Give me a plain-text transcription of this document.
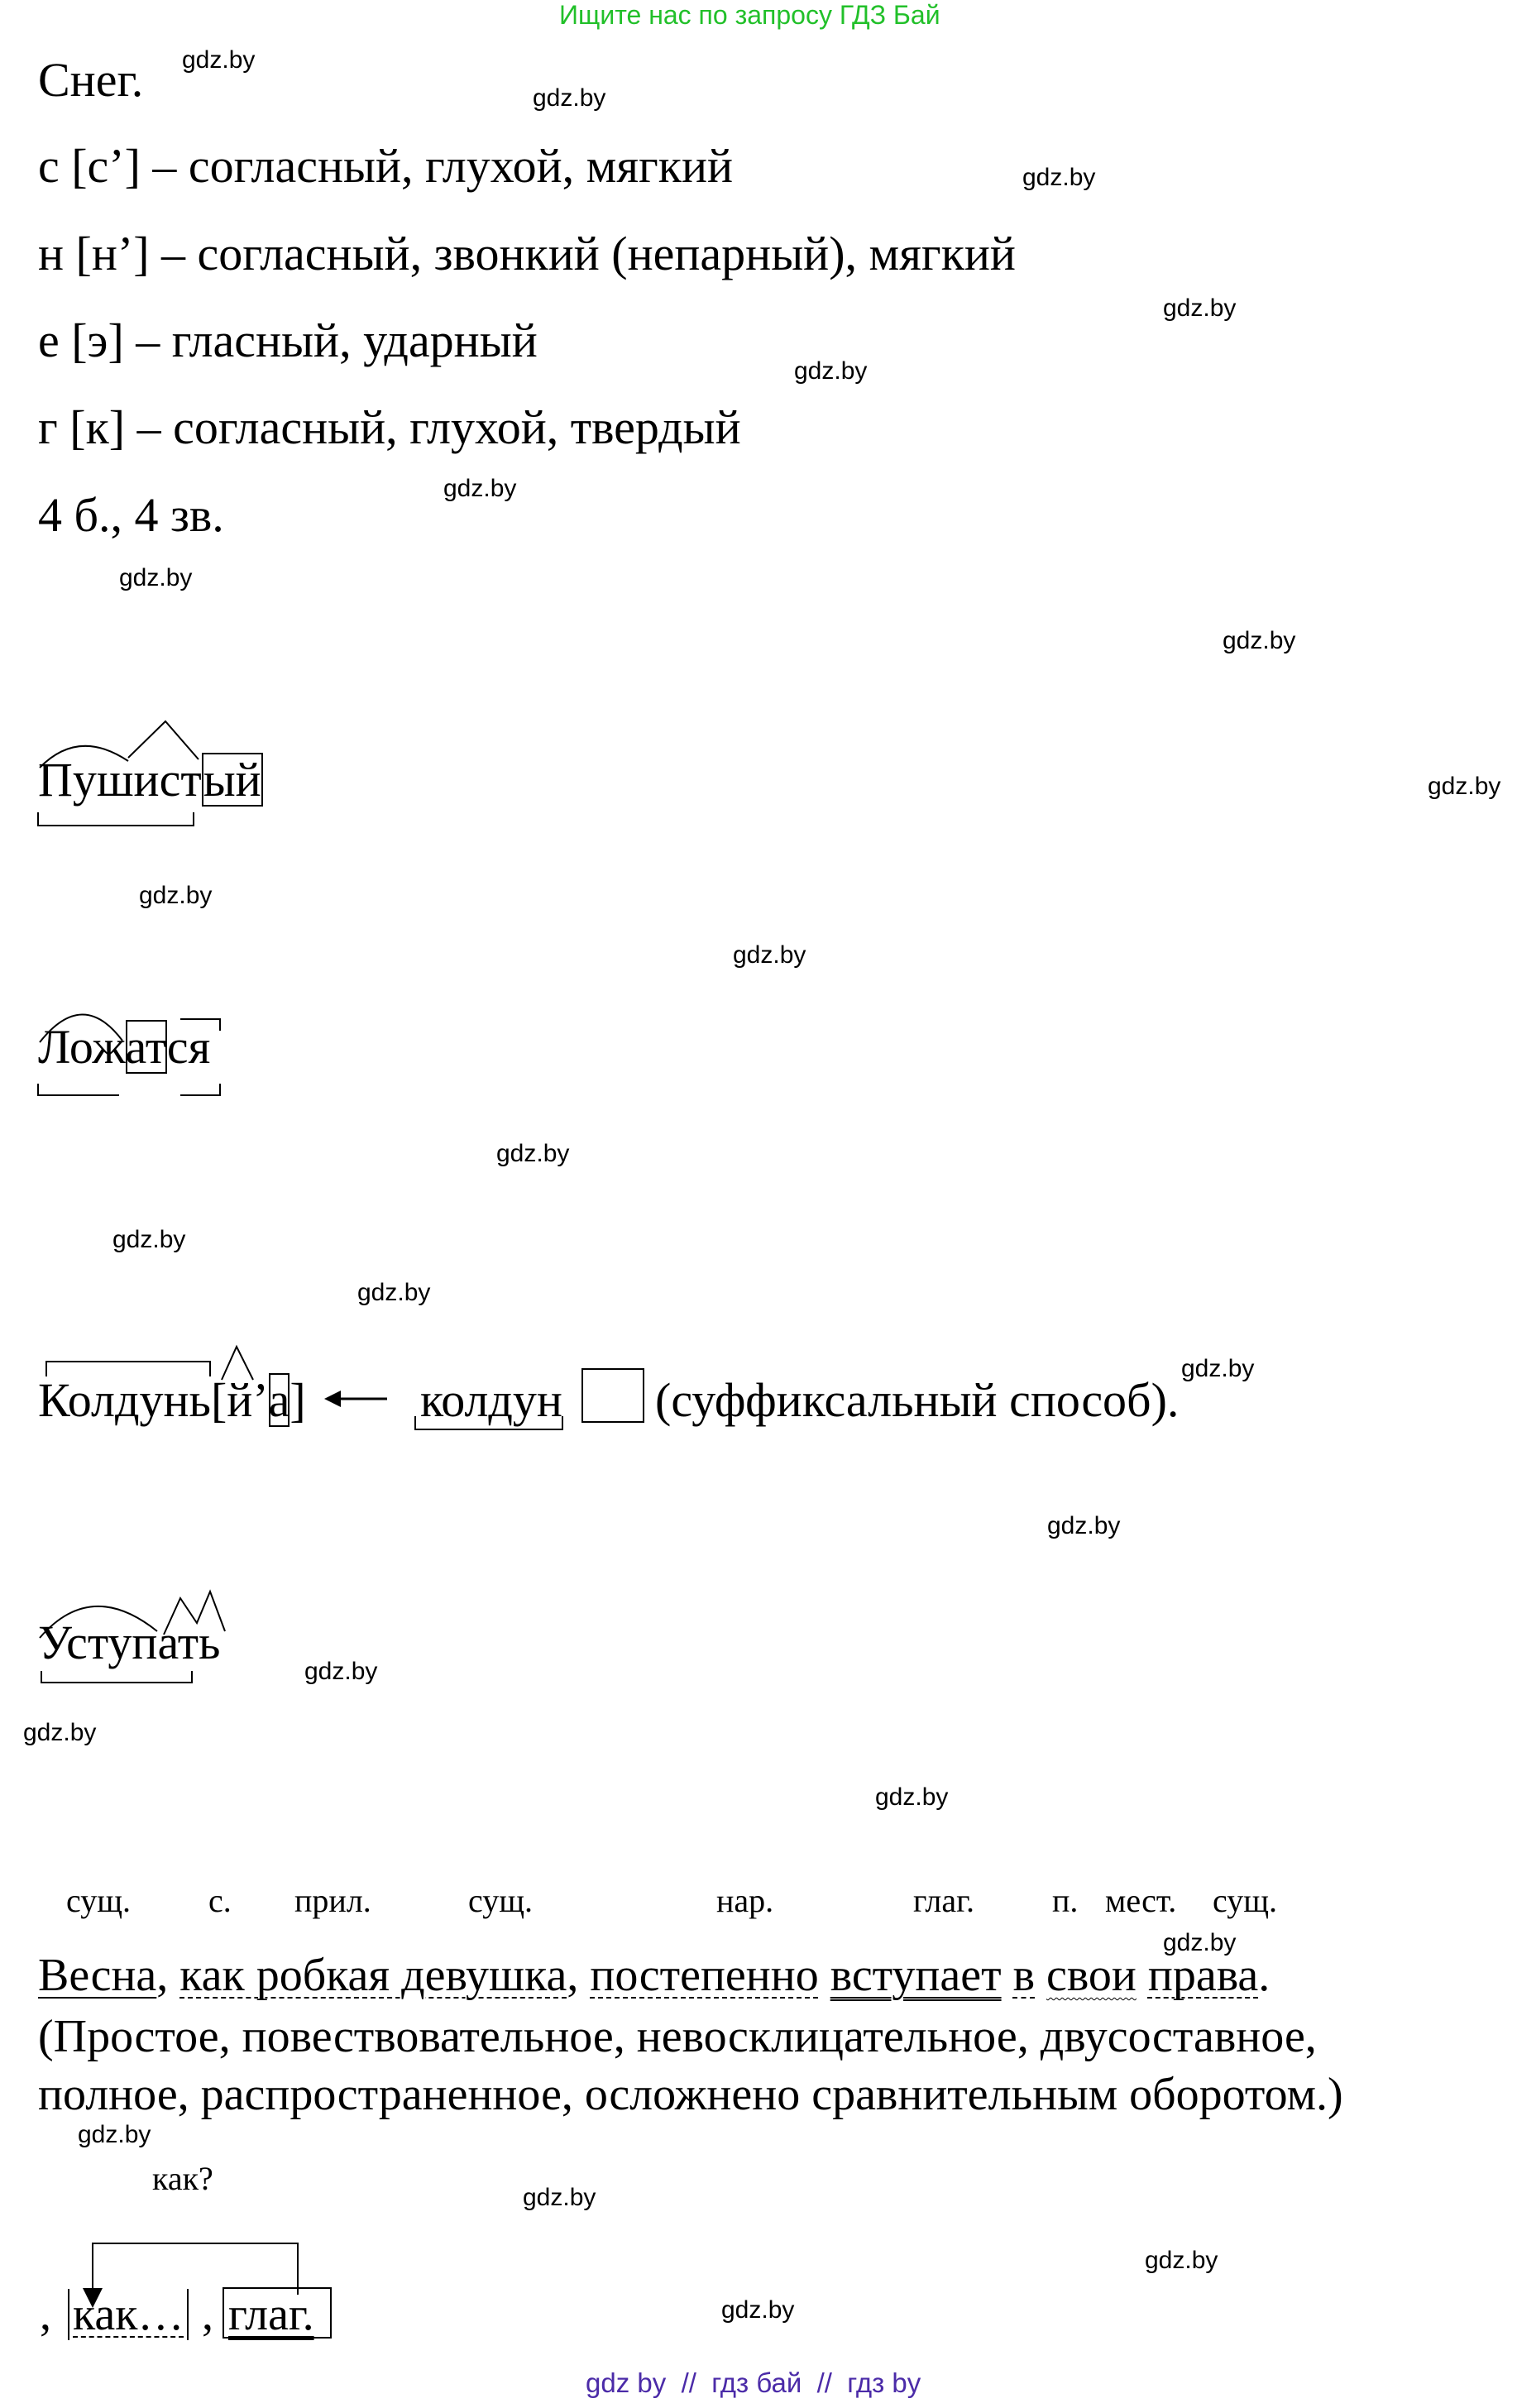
Ищите нас по запросу ГДЗ Бай
Снег.
с [с’] – согласный, глухой, мягкий
н [н’] – согласный, звонкий (непарный), мягкий
е [э] – гласный, ударный
г [к] – согласный, глухой, твердый
4 б., 4 зв.
Пушистый
Ложатся
Колдунь[й’а] колдун (суффиксальный способ).
Уступать
сущ. с. прил.	сущ.	нар.	глаг. п. мест. сущ.
Весна, как робкая девушка, постепенно вступает в свои права.
(Простое, повествовательное, невосклицательное, двусоставное,
полное, распространенное, осложнено сравнительным оборотом.)
как?
, как… , глаг.
gdz.by
gdz.by
gdz.by
gdz.by
gdz.by
gdz.by
gdz.by
gdz.by
gdz.by
gdz.by
gdz.by
gdz.by
gdz.by
gdz.by
gdz.by
gdz.by
gdz.by
gdz.by
gdz.by
gdz.by
gdz.by
gdz.by
gdz.by
gdz.by
gdz by  //  гдз бай  //  гдз by
